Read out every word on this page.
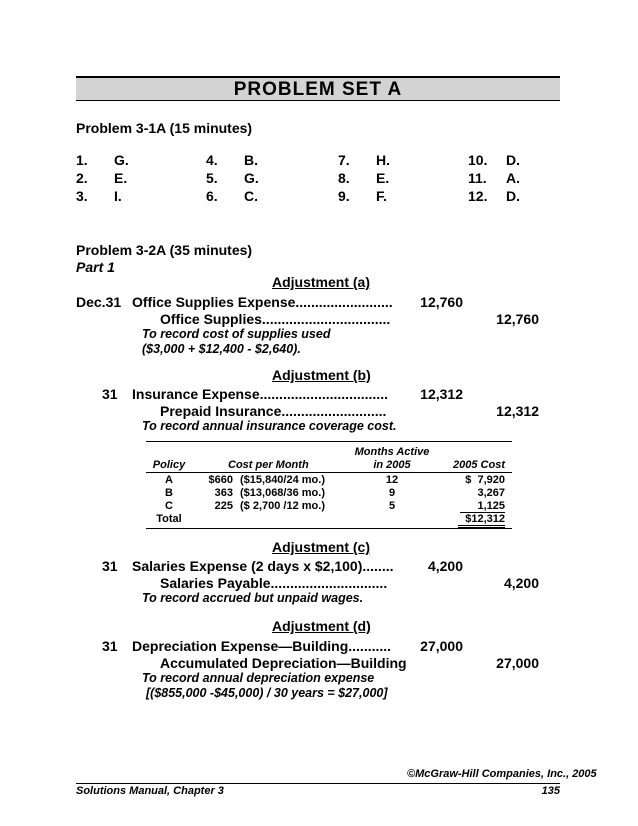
PROBLEM SET A
Problem 3-1A (15 minutes)
1. G.
2. E.
3. I.
4. B.
5. G.
6. C.
7. H.
8. E.
9. F.
10. D.
11. A.
12. D.
Problem 3-2A (35 minutes)
Part 1
Adjustment (a)
Dec.31 Office Supplies Expense.........................	12,760
Office Supplies.................................	12,760
To record cost of supplies used
($3,000 + $12,400 - $2,640).
Adjustment (b)
31 Insurance Expense.................................	12,312
Prepaid Insurance...........................	12,312
To record annual insurance coverage cost.
Months Active
Policy	Cost per Month	in 2005	2005 Cost
A	$660 ($15,840/24 mo.)	12	$  7,920
B	363 ($13,068/36 mo.)	9	3,267
C	225 ($ 2,700 /12 mo.)	5	1,125
Total	$12,312
Adjustment (c)
31 Salaries Expense (2 days x $2,100)........	4,200
Salaries Payable..............................	4,200
To record accrued but unpaid wages.
Adjustment (d)
31 Depreciation Expense—Building...........	27,000
Accumulated Depreciation—Building	27,000
To record annual depreciation expense
[($855,000 -$45,000) / 30 years = $27,000]
©McGraw-Hill Companies, Inc., 2005
Solutions Manual, Chapter 3	135
